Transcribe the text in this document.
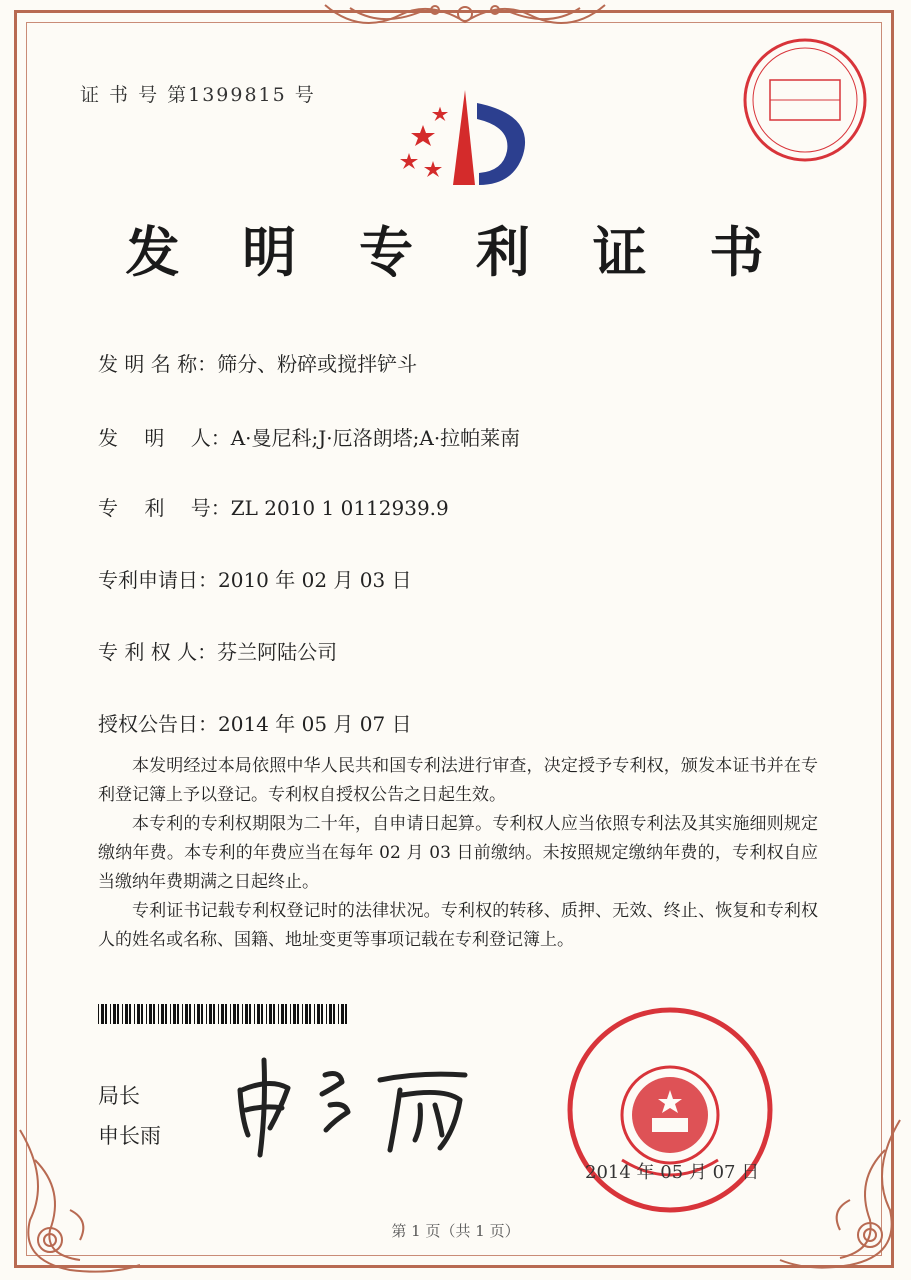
证 书 号 第1399815 号
发 明 专 利 证 书
发 明 名 称：筛分、粉碎或搅拌铲斗
发　 明　 人：A·曼尼科;J·厄洛朗塔;A·拉帕莱南
专　 利　 号：ZL 2010 1 0112939.9
专利申请日：2010 年 02 月 03 日
专 利 权 人：芬兰阿陆公司
授权公告日：2014 年 05 月 07 日

本发明经过本局依照中华人民共和国专利法进行审查，决定授予专利权，颁发本证书并在专利登记簿上予以登记。专利权自授权公告之日起生效。

本专利的专利权期限为二十年，自申请日起算。专利权人应当依照专利法及其实施细则规定缴纳年费。本专利的年费应当在每年 02 月 03 日前缴纳。未按照规定缴纳年费的，专利权自应当缴纳年费期满之日起终止。

专利证书记载专利权登记时的法律状况。专利权的转移、质押、无效、终止、恢复和专利权人的姓名或名称、国籍、地址变更等事项记载在专利登记簿上。

局长
申长雨
2014 年 05 月 07 日
第 1 页（共 1 页）
